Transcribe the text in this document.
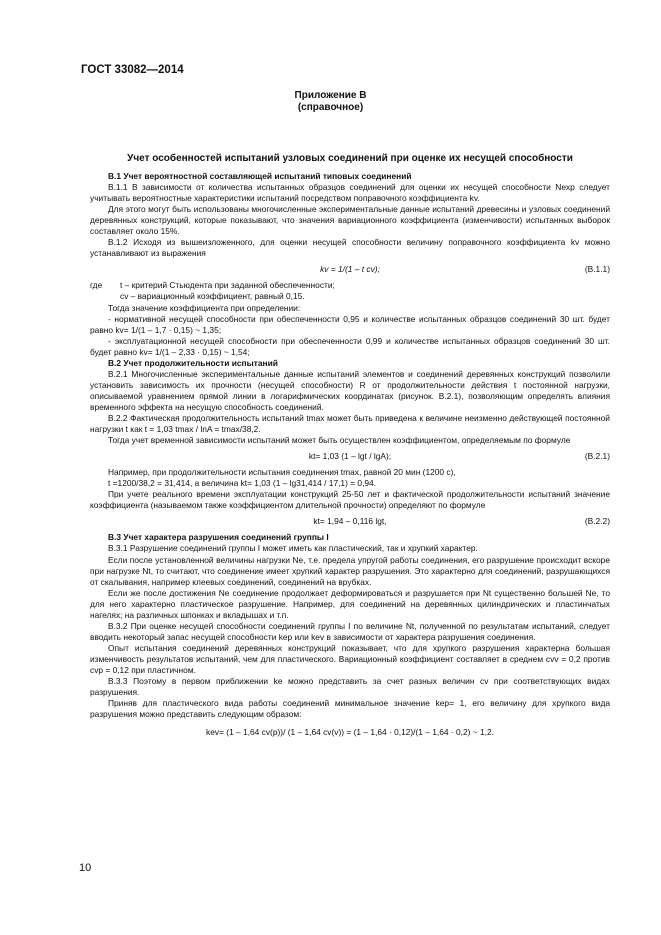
ГОСТ 33082—2014
Приложение В
(справочное)

Учет особенностей испытаний узловых соединений при оценке их несущей способности

В.1 Учет вероятностной составляющей испытаний типовых соединений

В.1.1 В зависимости от количества испытанных образцов соединений для оценки их несущей способности Nexp следует учитывать вероятностные характеристики испытаний посредством поправочного коэффициента kv.

Для этого могут быть использованы многочисленные экспериментальные данные испытаний древесины и узловых соединений деревянных конструкций, которые показывают, что значения вариационного коэффициента (изменчивости) испытанных выборок составляет около 15%.

В.1.2 Исходя из вышеизложенного, для оценки несущей способности величину поправочного коэффициента kv можно устанавливают из выражения

kv = 1/(1 – t cv);	(В.1.1)
где	t – критерий Стьюдента при заданной обеспеченности;
cv – вариационный коэффициент, равный 0,15.

Тогда значение коэффициента при определении:

- нормативной несущей способности при обеспеченности 0,95 и количестве испытанных образцов соединений 30 шт. будет равно kv= 1/(1 – 1,7 · 0,15) ~ 1,35;

- эксплуатационной несущей способности при обеспеченности 0,99 и количестве испытанных образцов соединений 30 шт. будет равно kv= 1/(1 – 2,33 · 0,15) ~ 1,54;

В.2 Учет продолжительности испытаний

В.2.1 Многочисленные экспериментальные данные испытаний элементов и соединений деревянных конструкций позволили установить зависимость их прочности (несущей способности) R от продолжительности действия t постоянной нагрузки, описываемой уравнением прямой линии в логарифмических координатах (рисунок. В.2.1), позволяющим определять влияния временного эффекта на несущую способность соединений.

В.2.2 Фактическая продолжительность испытаний tmax может быть приведена к величине неизменно действующей постоянной нагрузки t как t = 1,03 tmax / lnA = tmax/38,2.

Тогда учет временной зависимости испытаний может быть осуществлен коэффициентом, определяемым по формуле

kt= 1,03 (1 – lgt / lgA);	(В.2.1)

Например, при продолжительности испытания соединения tmax, равной 20 мин (1200 с),

t =1200/38,2 = 31,414, а величина kt= 1,03 (1 – lg31,414 / 17,1) = 0,94.

При учете реального времени эксплуатации конструкций 25-50 лет и фактической продолжительности испытаний значение коэффициента (называемом также коэффициентом длительной прочности) определяют по формуле

kt= 1,94 – 0,116 lgt,	(В.2.2)

В.3 Учет характера разрушения соединений группы I

В.3.1 Разрушение соединений группы I может иметь как пластический, так и хрупкий характер.

Если после установленной величины нагрузки Ne, т.е. предела упругой работы соединения, его разрушение происходит вскоре при нагрузке Nt, то считают, что соединение имеет хрупкий характер разрушения. Это характерно для соединений, разрушающихся от скалывания, например клеевых соединений, соединений на врубках.

Если же после достижения Ne соединение продолжает деформироваться и разрушается при Nt существенно большей Ne, то для него характерно пластическое разрушение. Например, для соединений на деревянных цилиндрических и пластинчатых нагелях; на различных шпонках и вкладышах и т.п.

В.3.2 При оценке несущей способности соединений группы I по величине Nt, полученной по результатам испытаний, следует вводить некоторый запас несущей способности kep или kev в зависимости от характера разрушения соединения.

Опыт испытания соединений деревянных конструкций показывает, что для хрупкого разрушения характерна большая изменчивость результатов испытаний, чем для пластического. Вариационный коэффициент составляет в среднем cvv = 0,2 против cvp = 0,12 при пластичном.

В.3.3 Поэтому в первом приближении ke можно представить за счет разных величин cv при соответствующих видах разрушения.

Приняв для пластического вида работы соединений минимальное значение kep= 1, его величину для хрупкого вида разрушения можно представить следующим образом:

kev= (1 – 1,64 cv(p))/ (1 – 1,64 cv(v)) = (1 – 1,64 · 0,12)/(1 – 1,64 · 0,2) ~ 1,2.
10
